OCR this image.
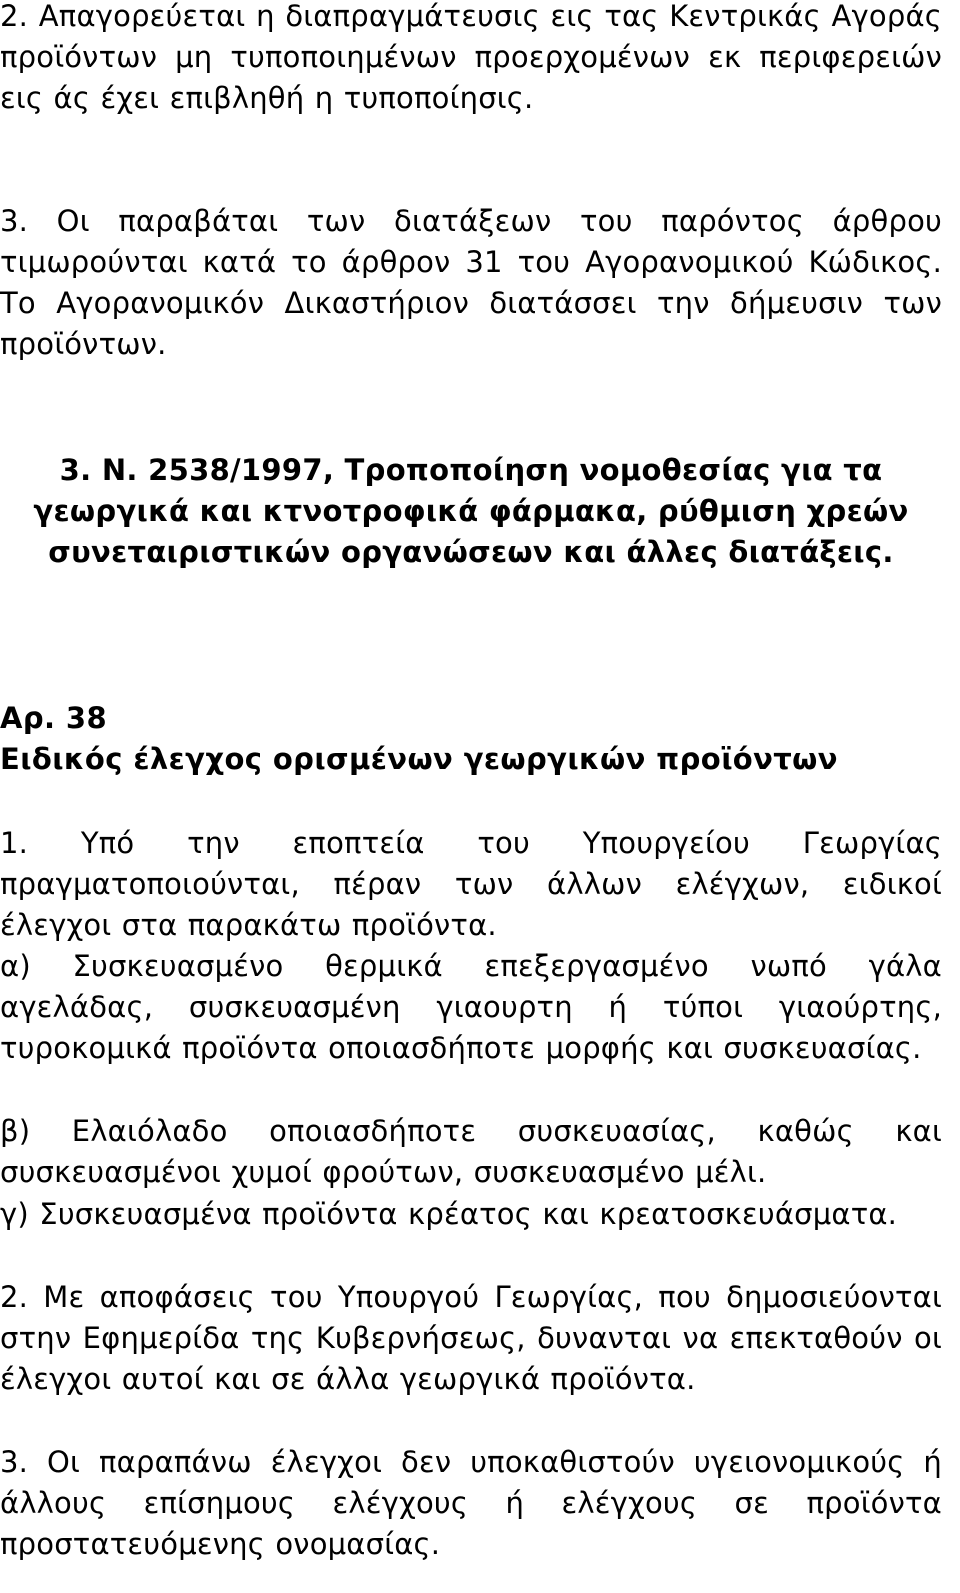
2. Απαγορεύεται η διαπραγμάτευσις εις τας Κεντρικάς Αγοράς προϊόντων μη τυποποιημένων προερχομένων εκ περιφερειών εις άς έχει επιβληθή η τυποποίησις.

3. Οι παραβάται των διατάξεων του παρόντος άρθρου τιμωρούνται κατά το άρθρον 31 του Αγορανομικού Κώδικος. Το Αγορανομικόν Δικαστήριον διατάσσει την δήμευσιν των προϊόντων.

3. Ν. 2538/1997, Τροποποίηση νομοθεσίας για τα γεωργικά και κτνοτροφικά φάρμακα, ρύθμιση χρεών συνεταιριστικών οργανώσεων και άλλες διατάξεις.
Αρ. 38
Ειδικός έλεγχος ορισμένων γεωργικών προϊόντων

1. Υπό την εποπτεία του Υπουργείου Γεωργίας πραγματοποιούνται, πέραν των άλλων ελέγχων, ειδικοί έλεγχοι στα παρακάτω προϊόντα.

α) Συσκευασμένο θερμικά επεξεργασμένο νωπό γάλα αγελάδας, συσκευασμένη γιαουρτη ή τύποι γιαούρτης, τυροκομικά προϊόντα οποιασδήποτε μορφής και συσκευασίας.

β) Ελαιόλαδο οποιασδήποτε συσκευασίας, καθώς και συσκευασμένοι χυμοί φρούτων, συσκευασμένο μέλι.

γ) Συσκευασμένα προϊόντα κρέατος και κρεατοσκευάσματα.

2. Με αποφάσεις του Υπουργού Γεωργίας, που δημοσιεύονται στην Εφημερίδα της Κυβερνήσεως, δυνανται να επεκταθούν οι έλεγχοι αυτοί και σε άλλα γεωργικά προϊόντα.

3. Οι παραπάνω έλεγχοι δεν υποκαθιστούν υγειονομικούς ή άλλους επίσημους ελέγχους ή ελέγχους σε προϊόντα προστατευόμενης ονομασίας.
